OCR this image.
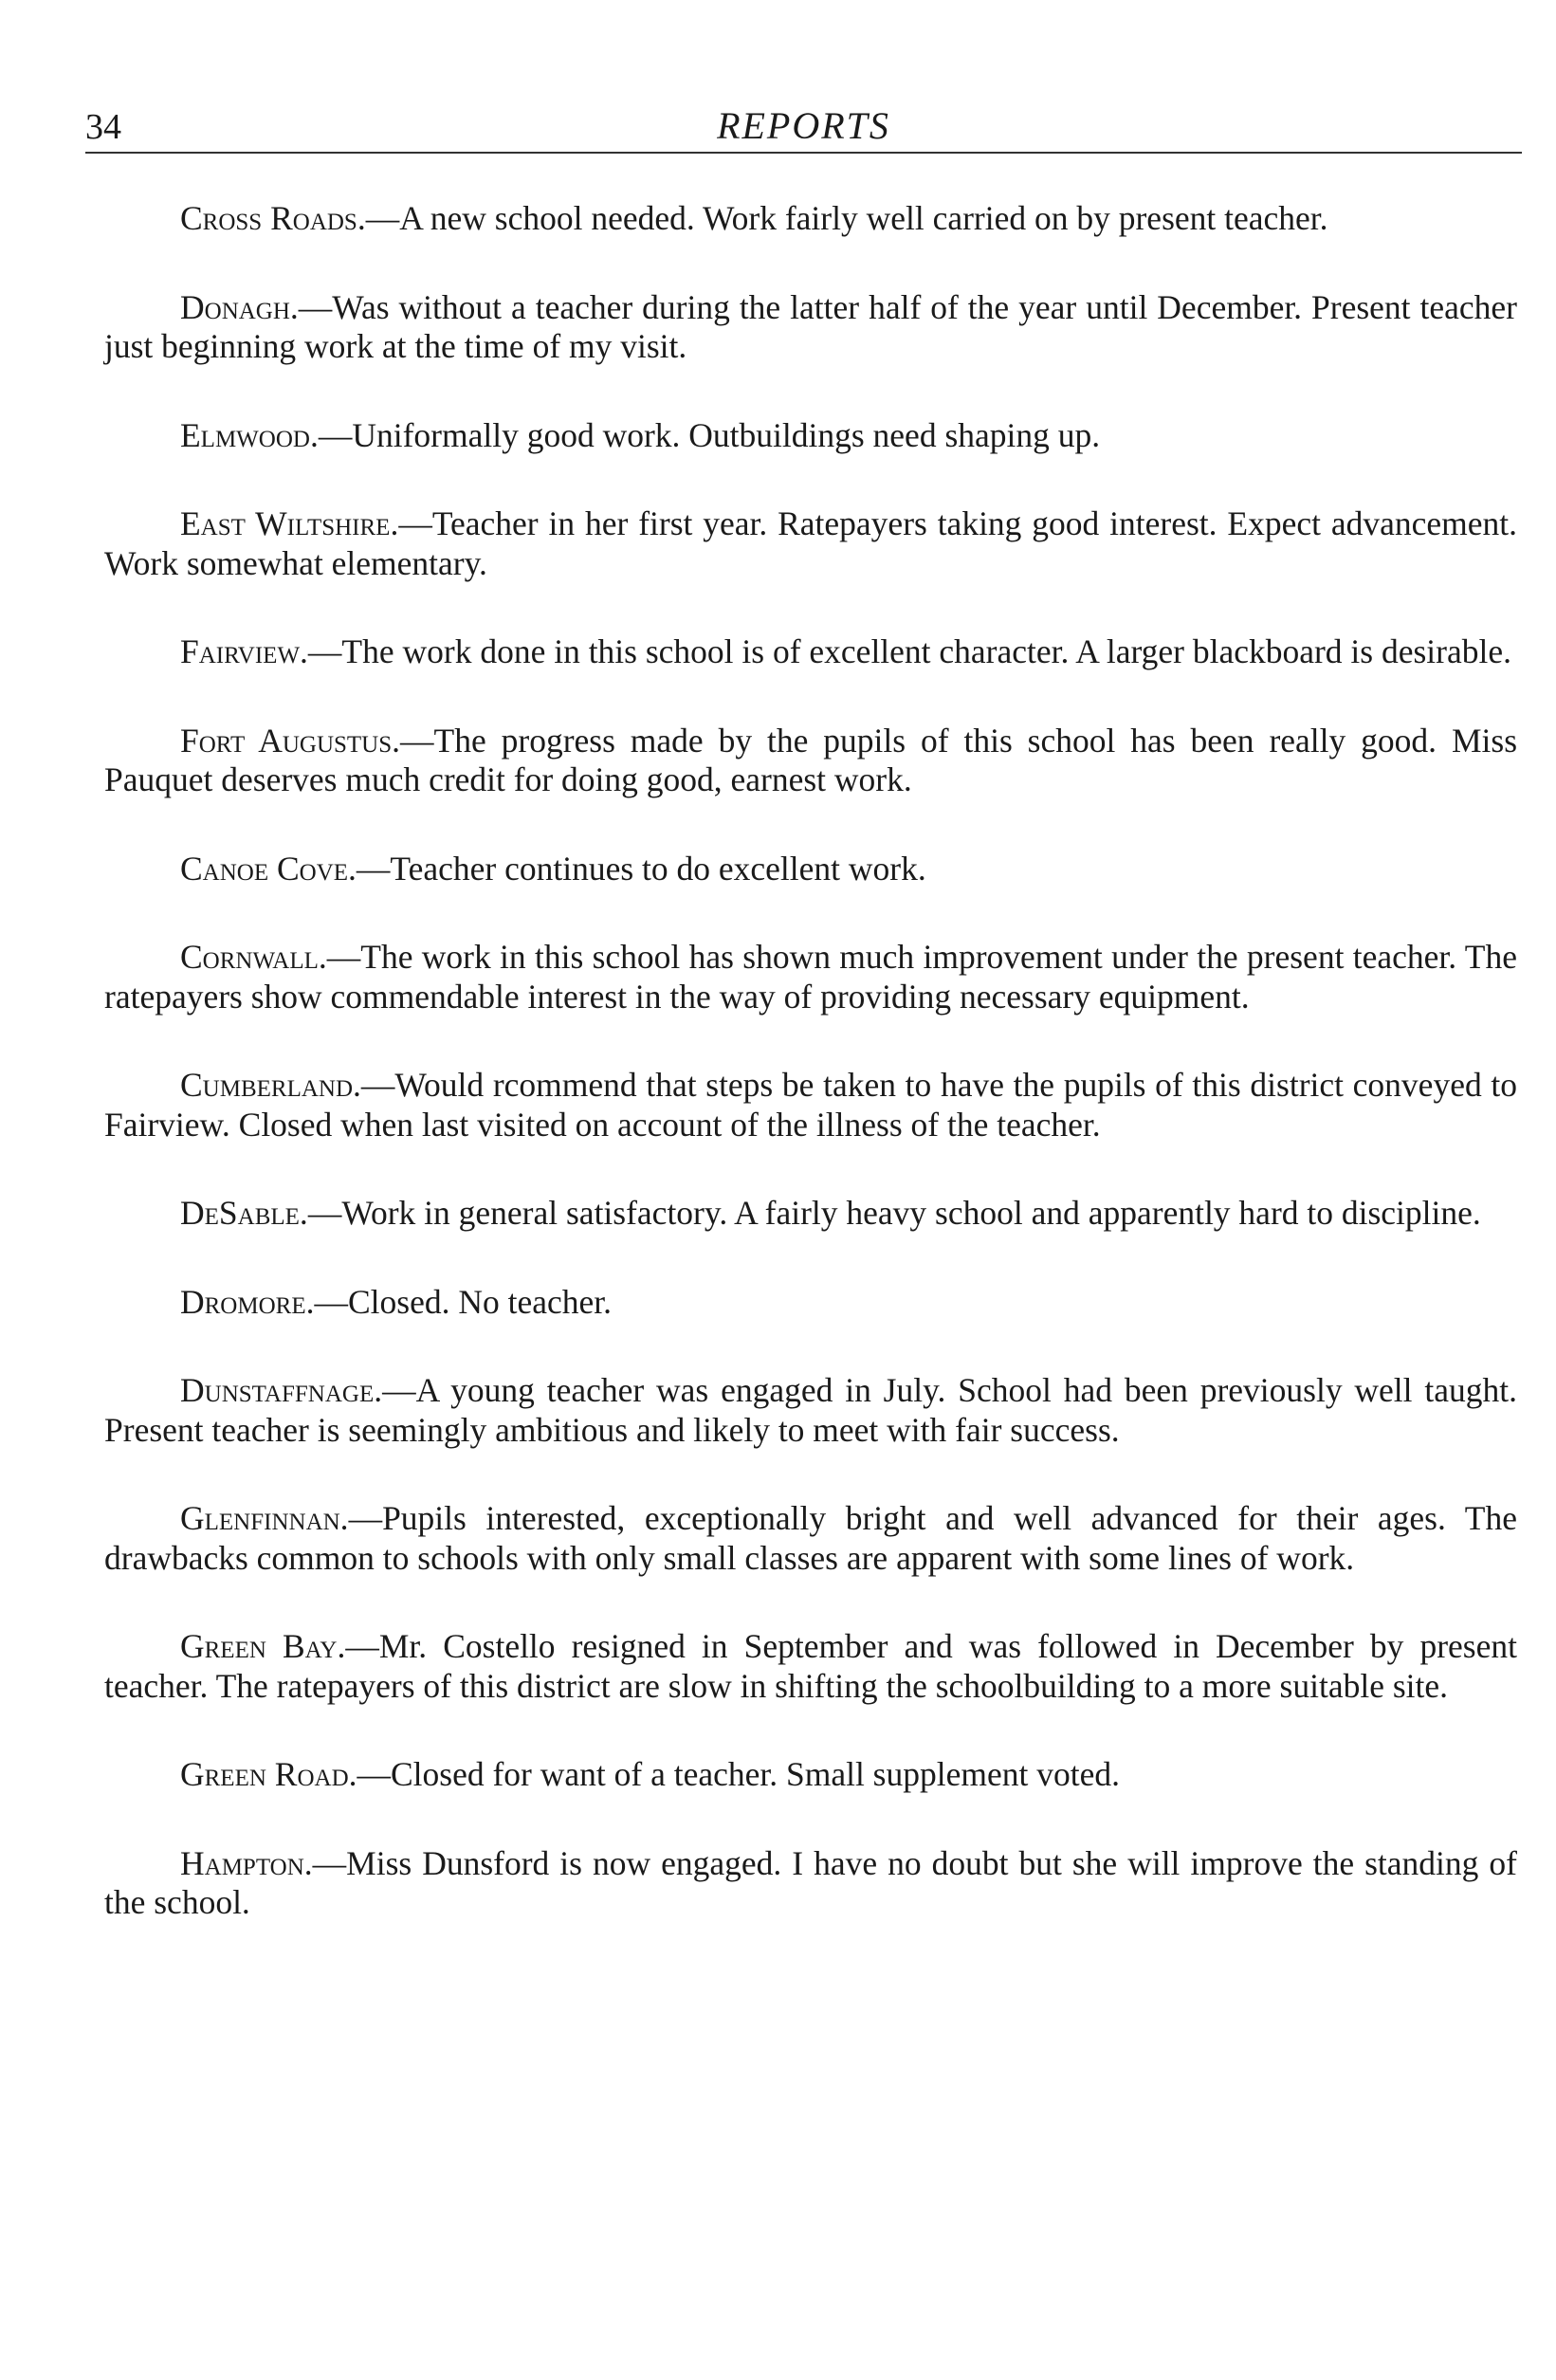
34	REPORTS

Cross Roads.—A new school needed. Work fairly well carried on by present teacher.

Donagh.—Was without a teacher during the latter half of the year until December. Present teacher just beginning work at the time of my visit.

Elmwood.—Uniformally good work. Outbuildings need shaping up.

East Wiltshire.—Teacher in her first year. Ratepayers taking good interest. Expect advancement. Work somewhat elementary.

Fairview.—The work done in this school is of excellent character. A larger blackboard is desirable.

Fort Augustus.—The progress made by the pupils of this school has been really good. Miss Pauquet deserves much credit for doing good, earnest work.

Canoe Cove.—Teacher continues to do excellent work.

Cornwall.—The work in this school has shown much improvement under the present teacher. The ratepayers show commendable interest in the way of providing necessary equipment.

Cumberland.—Would rcommend that steps be taken to have the pupils of this district conveyed to Fairview. Closed when last visited on account of the illness of the teacher.

DeSable.—Work in general satisfactory. A fairly heavy school and apparently hard to discipline.

Dromore.—Closed. No teacher.

Dunstaffnage.—A young teacher was engaged in July. School had been previously well taught. Present teacher is seemingly ambitious and likely to meet with fair success.

Glenfinnan.—Pupils interested, exceptionally bright and well advanced for their ages. The drawbacks common to schools with only small classes are apparent with some lines of work.

Green Bay.—Mr. Costello resigned in September and was followed in December by present teacher. The ratepayers of this district are slow in shifting the schoolbuilding to a more suitable site.

Green Road.—Closed for want of a teacher. Small supplement voted.

Hampton.—Miss Dunsford is now engaged. I have no doubt but she will improve the standing of the school.
